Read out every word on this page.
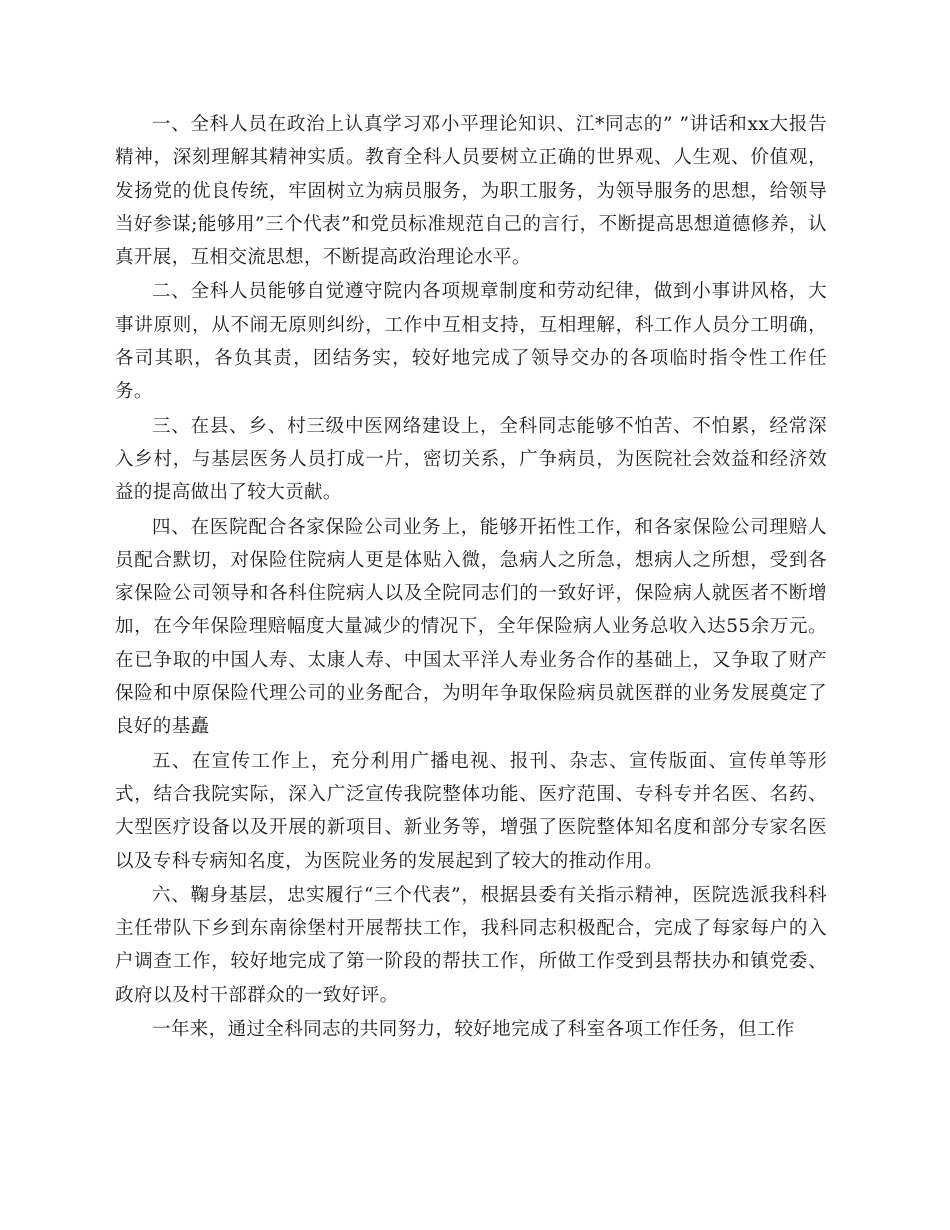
一、全科人员在政治上认真学习邓小平理论知识、江*同志的” ”讲话和xx大报告精神，深刻理解其精神实质。教育全科人员要树立正确的世界观、人生观、价值观，发扬党的优良传统，牢固树立为病员服务，为职工服务，为领导服务的思想，给领导当好参谋;能够用”三个代表”和党员标准规范自己的言行，不断提高思想道德修养，认真开展，互相交流思想，不断提高政治理论水平。

二、全科人员能够自觉遵守院内各项规章制度和劳动纪律，做到小事讲风格，大事讲原则，从不闹无原则纠纷，工作中互相支持，互相理解，科工作人员分工明确，各司其职，各负其责，团结务实，较好地完成了领导交办的各项临时指令性工作任务。

三、在县、乡、村三级中医网络建设上，全科同志能够不怕苦、不怕累，经常深入乡村，与基层医务人员打成一片，密切关系，广争病员，为医院社会效益和经济效益的提高做出了较大贡献。

四、在医院配合各家保险公司业务上，能够开拓性工作，和各家保险公司理赔人员配合默切，对保险住院病人更是体贴入微，急病人之所急，想病人之所想，受到各家保险公司领导和各科住院病人以及全院同志们的一致好评，保险病人就医者不断增加，在今年保险理赔幅度大量减少的情况下，全年保险病人业务总收入达55余万元。在已争取的中国人寿、太康人寿、中国太平洋人寿业务合作的基础上，又争取了财产保险和中原保险代理公司的业务配合，为明年争取保险病员就医群的业务发展奠定了良好的基矗

五、在宣传工作上，充分利用广播电视、报刊、杂志、宣传版面、宣传单等形式，结合我院实际，深入广泛宣传我院整体功能、医疗范围、专科专并名医、名药、大型医疗设备以及开展的新项目、新业务等，增强了医院整体知名度和部分专家名医以及专科专病知名度，为医院业务的发展起到了较大的推动作用。

六、鞠身基层，忠实履行“三个代表”，根据县委有关指示精神，医院选派我科科主任带队下乡到东南徐堡村开展帮扶工作，我科同志积极配合，完成了每家每户的入户调查工作，较好地完成了第一阶段的帮扶工作，所做工作受到县帮扶办和镇党委、政府以及村干部群众的一致好评。

一年来，通过全科同志的共同努力，较好地完成了科室各项工作任务，但工作
